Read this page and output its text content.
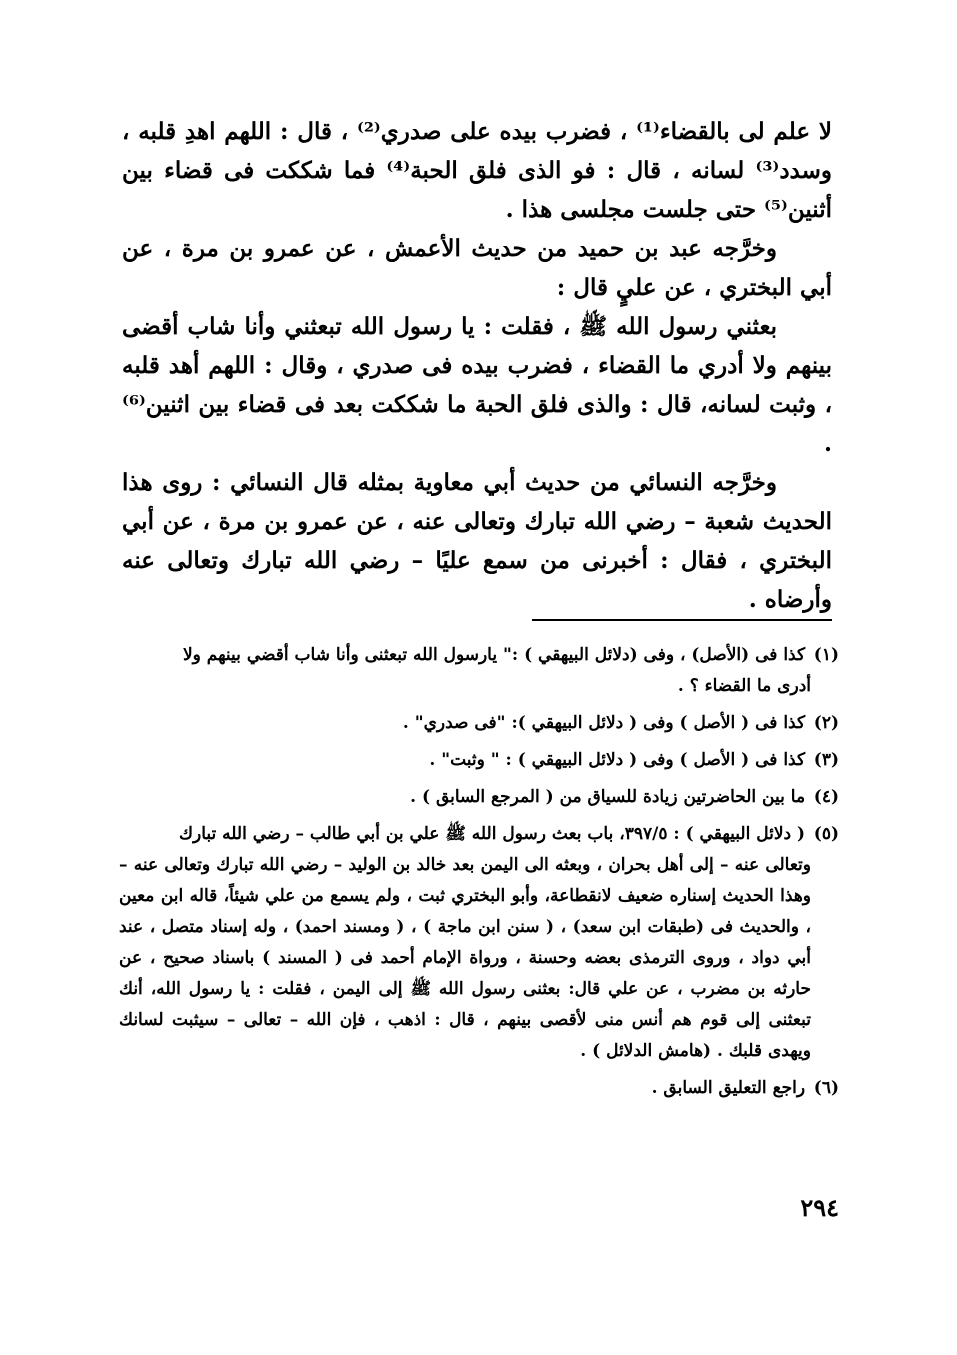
لا علم لى بالقضاء⁽¹⁾ ، فضرب بيده على صدري⁽²⁾ ، قال : اللهم اهدِ قلبه ، وسدد⁽³⁾ لسانه ، قال : فو الذى فلق الحبة⁽⁴⁾ فما شككت فى قضاء بين أثنين⁽⁵⁾ حتى جلست مجلسى هذا .

وخرَّجه عبد بن حميد من حديث الأعمش ، عن عمرو بن مرة ، عن أبي البختري ، عن عليٍ قال :

بعثني رسول الله ﷺ ، فقلت : يا رسول الله تبعثني وأنا شاب أقضى بينهم ولا أدري ما القضاء ، فضرب بيده فى صدري ، وقال : اللهم أهد قلبه ، وثبت لسانه، قال : والذى فلق الحبة ما شككت بعد فى قضاء بين اثنين⁽⁶⁾ .

وخرَّجه النسائي من حديث أبي معاوية بمثله قال النسائي : روى هذا الحديث شعبة – رضي الله تبارك وتعالى عنه ، عن عمرو بن مرة ، عن أبي البختري ، فقال : أخبرنى من سمع عليًا – رضي الله تبارك وتعالى عنه وأرضاه .

(١) كذا فى (الأصل) ، وفى (دلائل البيهقي ) :" يارسول الله تبعثنى وأنا شاب أقضي بينهم ولا
أدرى ما القضاء ؟ .
(٢) كذا فى ( الأصل ) وفى ( دلائل البيهقي ): "فى صدري" .
(٣) كذا فى ( الأصل ) وفى ( دلائل البيهقي ) : " وثبت" .
(٤) ما بين الحاضرتين زيادة للسياق من ( المرجع السابق ) .
(٥) ( دلائل البيهقي ) : ٣٩٧/٥، باب بعث رسول الله ﷺ علي بن أبي طالب – رضي الله تبارك
وتعالى عنه – إلى أهل بحران ، وبعثه الى اليمن بعد خالد بن الوليد – رضي الله تبارك وتعالى عنه – وهذا الحديث إسناره ضعيف لانقطاعة، وأبو البختري ثبت ، ولم يسمع من علي شيئاً، قاله ابن معين ، والحديث فى (طبقات ابن سعد) ، ( سنن ابن ماجة ) ، ( ومسند احمد) ، وله إسناد متصل ، عند أبي دواد ، وروى الترمذى بعضه وحسنة ، ورواة الإمام أحمد فى ( المسند ) باسناد صحيح ، عن حارثه بن مضرب ، عن علي قال: بعثنى رسول الله ﷺ إلى اليمن ، فقلت : يا رسول الله، أنك تبعثنى إلى قوم هم أنس منى لأقصى بينهم ، قال : اذهب ، فإن الله – تعالى – سيثبت لسانك ويهدى قلبك . (هامش الدلائل ) .
(٦) راجع التعليق السابق .
٢٩٤
